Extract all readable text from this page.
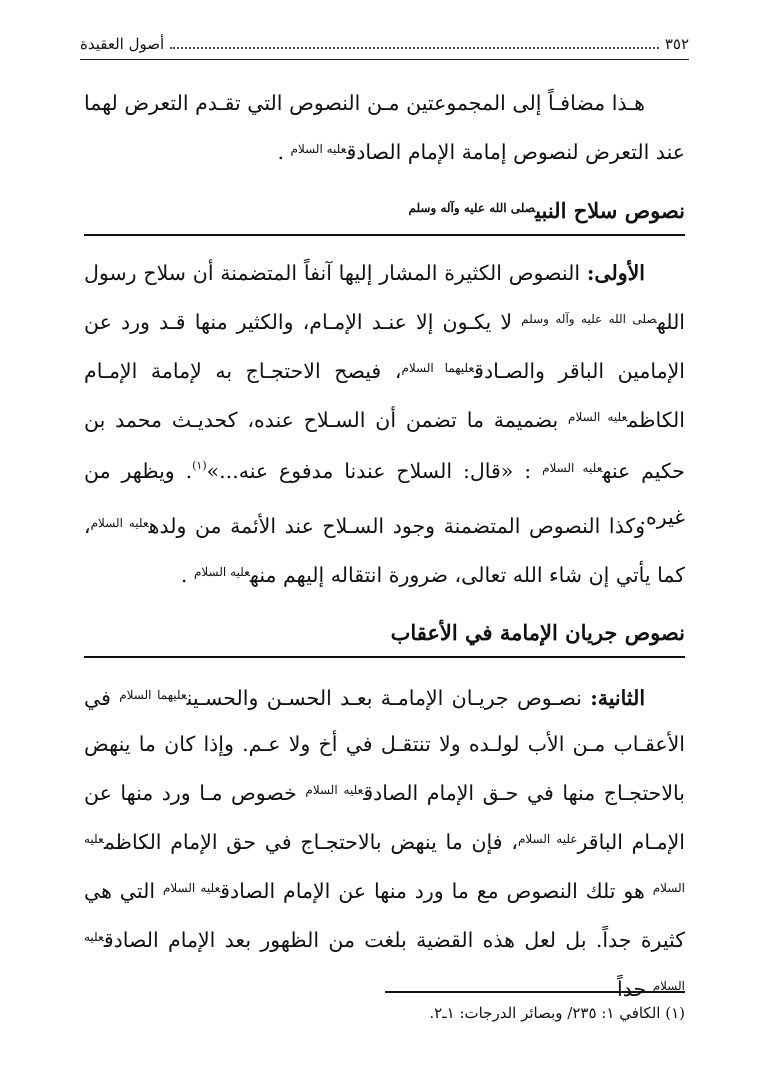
٣٥٢
أصول العقيدة
هـذا مضافـاً إلى المجموعتين مـن النصوص التي تقـدم التعرض لهما عند التعرض لنصوص إمامة الإمام الصادق$^{عليه السلام}$ .
نصوص سلاح النبي$^{صلى الله عليه وآله وسلم}$
الأولى: النصوص الكثيرة المشار إليها آنفاً المتضمنة أن سلاح رسول الله$^{صلى الله عليه وآله وسلم}$ لا يكـون إلا عنـد الإمـام، والكثير منها قـد ورد عن الإمامين الباقر والصـادق$^{عليهما السلام}$، فيصح الاحتجـاج به لإمامة الإمـام الكاظم$^{عليه السلام}$ بضميمة ما تضمن أن السـلاح عنده، كحديـث محمد بن حكيم عنه$^{عليه السلام}$ : «قال: السلاح عندنا مدفوع عنه...»$^{(١)}$. ويظهر من غيره.
وكذا النصوص المتضمنة وجود السـلاح عند الأئمة من ولده$^{عليه السلام}$، كما يأتي إن شاء الله تعالى، ضرورة انتقاله إليهم منه$^{عليه السلام}$ .
نصوص جريان الإمامة في الأعقاب
الثانية: نصـوص جريـان الإمامـة بعـد الحسـن والحسـين$^{عليهما السلام}$ في الأعقـاب مـن الأب لولـده ولا تنتقـل في أخ ولا عـم. وإذا كان ما ينهض بالاحتجـاج منها في حـق الإمام الصادق$^{عليه السلام}$ خصوص مـا ورد منها عن الإمـام الباقر$^{عليه السلام}$، فإن ما ينهض بالاحتجـاج في حق الإمام الكاظم$^{عليه السلام}$ هو تلك النصوص مع ما ورد منها عن الإمام الصادق$^{عليه السلام}$ التي هي كثيرة جداً. بل لعل هذه القضية بلغت من الظهور بعد الإمام الصادق$^{عليه السلام}$ حداً
(١) الكافي ١: ٢٣٥/ وبصائر الدرجات: ١ـ٢.
